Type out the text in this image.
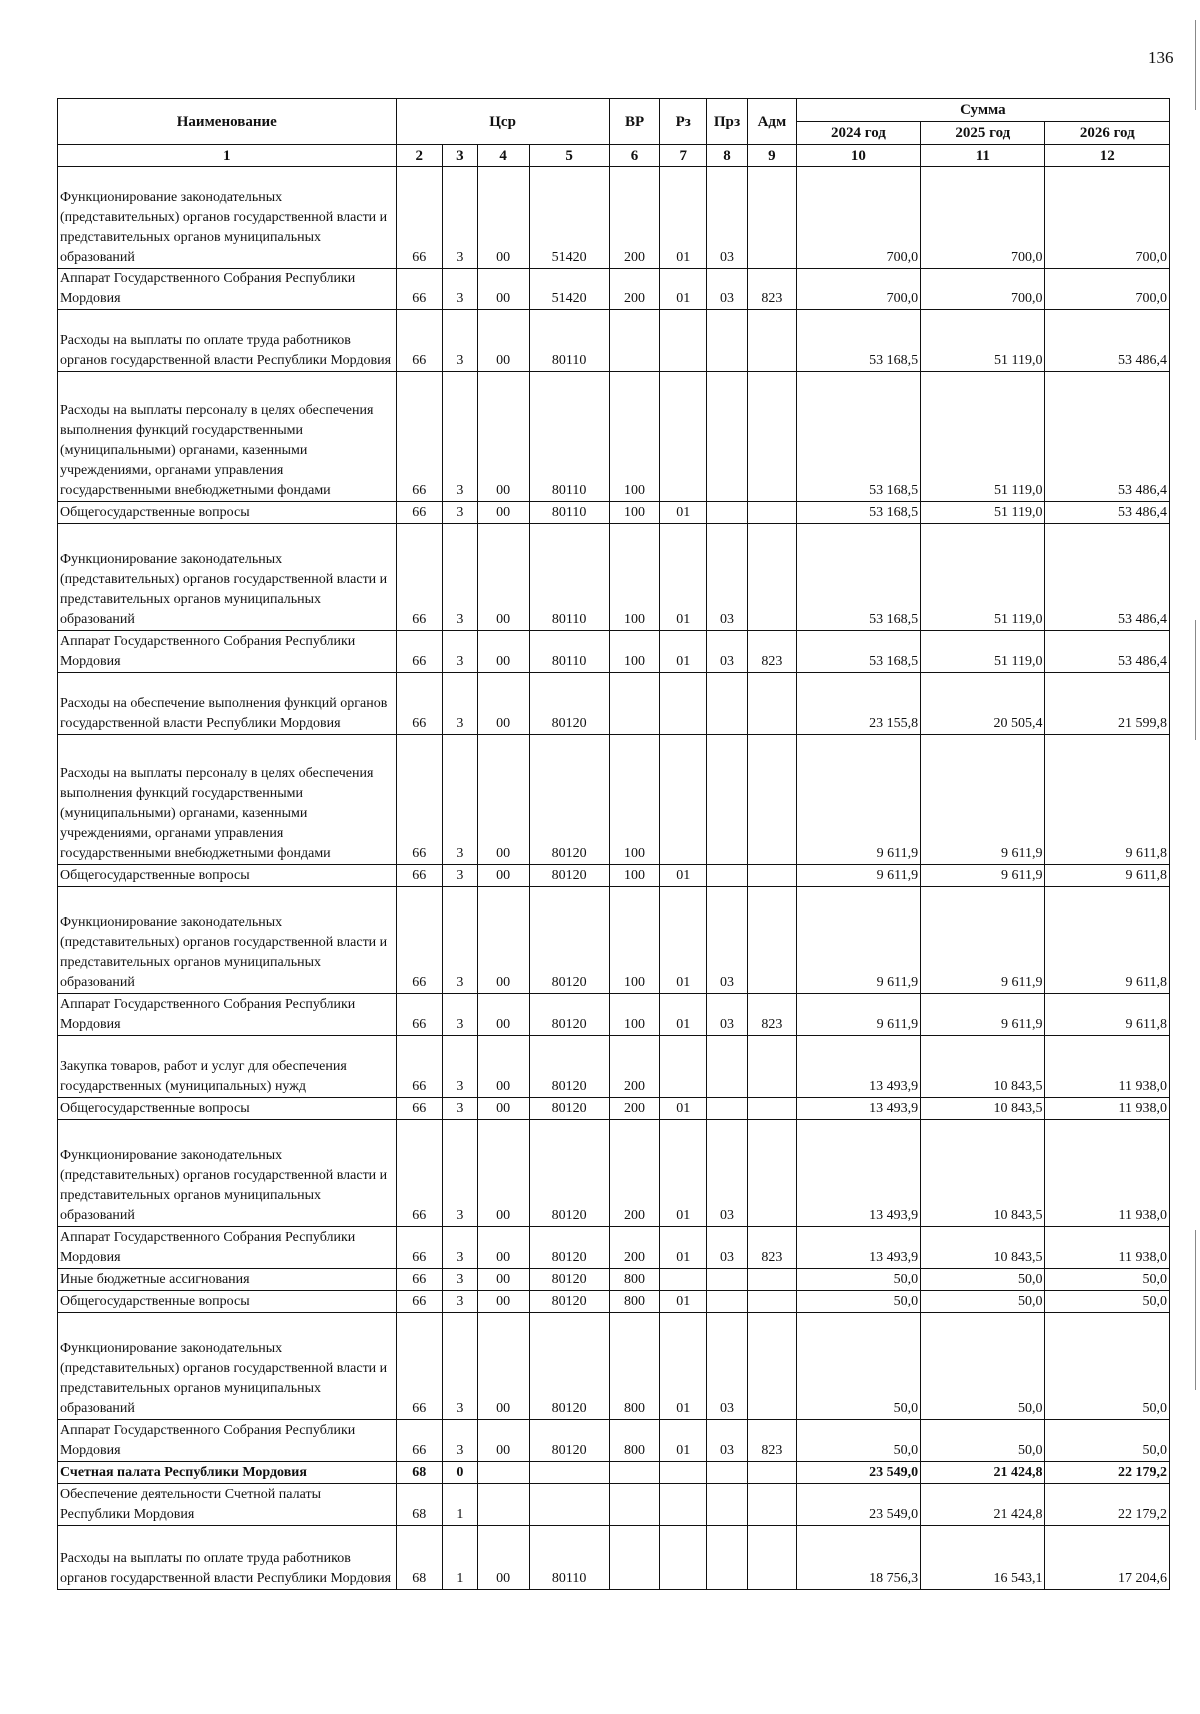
136
Наименование	Цср				ВР	Рз	Прз	Адм	Сумма		
									2024 год	2025 год	2026 год
1	2	3	4	5	6	7	8	9	10	11	12
Функционирование законодательных (представительных) органов государственной власти и представительных органов муниципальных образований	66	3	00	51420	200	01	03		700,0	700,0	700,0
Аппарат Государственного Собрания Республики Мордовия	66	3	00	51420	200	01	03	823	700,0	700,0	700,0
Расходы на выплаты по оплате труда работников органов государственной власти Республики Мордовия	66	3	00	80110					53 168,5	51 119,0	53 486,4
Расходы на выплаты персоналу в целях обеспечения выполнения функций государственными (муниципальными) органами, казенными учреждениями, органами управления государственными внебюджетными фондами	66	3	00	80110	100				53 168,5	51 119,0	53 486,4
Общегосударственные вопросы	66	3	00	80110	100	01			53 168,5	51 119,0	53 486,4
Функционирование законодательных (представительных) органов государственной власти и представительных органов муниципальных образований	66	3	00	80110	100	01	03		53 168,5	51 119,0	53 486,4
Аппарат Государственного Собрания Республики Мордовия	66	3	00	80110	100	01	03	823	53 168,5	51 119,0	53 486,4
Расходы на обеспечение выполнения функций органов государственной власти Республики Мордовия	66	3	00	80120					23 155,8	20 505,4	21 599,8
Расходы на выплаты персоналу в целях обеспечения выполнения функций государственными (муниципальными) органами, казенными учреждениями, органами управления государственными внебюджетными фондами	66	3	00	80120	100				9 611,9	9 611,9	9 611,8
Общегосударственные вопросы	66	3	00	80120	100	01			9 611,9	9 611,9	9 611,8
Функционирование законодательных (представительных) органов государственной власти и представительных органов муниципальных образований	66	3	00	80120	100	01	03		9 611,9	9 611,9	9 611,8
Аппарат Государственного Собрания Республики Мордовия	66	3	00	80120	100	01	03	823	9 611,9	9 611,9	9 611,8
Закупка товаров, работ и услуг для обеспечения государственных (муниципальных) нужд	66	3	00	80120	200				13 493,9	10 843,5	11 938,0
Общегосударственные вопросы	66	3	00	80120	200	01			13 493,9	10 843,5	11 938,0
Функционирование законодательных (представительных) органов государственной власти и представительных органов муниципальных образований	66	3	00	80120	200	01	03		13 493,9	10 843,5	11 938,0
Аппарат Государственного Собрания Республики Мордовия	66	3	00	80120	200	01	03	823	13 493,9	10 843,5	11 938,0
Иные бюджетные ассигнования	66	3	00	80120	800				50,0	50,0	50,0
Общегосударственные вопросы	66	3	00	80120	800	01			50,0	50,0	50,0
Функционирование законодательных (представительных) органов государственной власти и представительных органов муниципальных образований	66	3	00	80120	800	01	03		50,0	50,0	50,0
Аппарат Государственного Собрания Республики Мордовия	66	3	00	80120	800	01	03	823	50,0	50,0	50,0
Счетная палата Республики Мордовия	68	0							23 549,0	21 424,8	22 179,2
Обеспечение деятельности Счетной палаты Республики Мордовия	68	1							23 549,0	21 424,8	22 179,2
Расходы на выплаты по оплате труда работников органов государственной власти Республики Мордовия	68	1	00	80110					18 756,3	16 543,1	17 204,6
